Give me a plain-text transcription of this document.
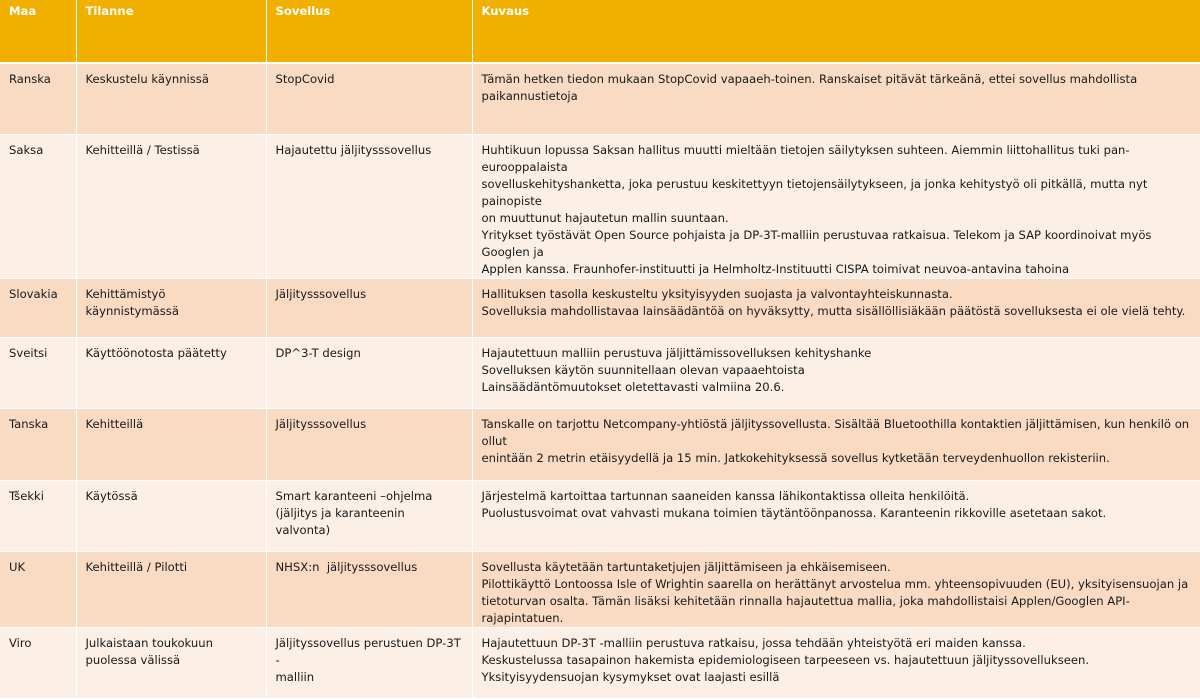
Maa	Tilanne	Sovellus	Kuvaus
Ranska	Keskustelu käynnissä	StopCovid	Tämän hetken tiedon mukaan StopCovid vapaaeh-toinen. Ranskaiset pitävät tärkeänä, ettei sovellus mahdollista
paikannustietoja

Saksa	Kehitteillä / Testissä	Hajautettu jäljitysssovellus	Huhtikuun lopussa Saksan hallitus muutti mieltään tietojen säilytyksen suhteen. Aiemmin liittohallitus tuki pan-eurooppalaista
sovelluskehityshanketta, joka perustuu keskitettyyn tietojensäilytykseen, ja jonka kehitystyö oli pitkällä, mutta nyt painopiste
on muuttunut hajautetun mallin suuntaan.
Yritykset työstävät Open Source pohjaista ja DP-3T-malliin perustuvaa ratkaisua. Telekom ja SAP koordinoivat myös Googlen ja
Applen kanssa. Fraunhofer-instituutti ja Helmholtz-Instituutti CISPA toimivat neuvoa-antavina tahoina

Slovakia	Kehittämistyö käynnistymässä	Jäljitysssovellus	Hallituksen tasolla keskusteltu yksityisyyden suojasta ja valvontayhteiskunnasta.
Sovelluksia mahdollistavaa lainsäädäntöä on hyväksytty, mutta sisällöllisiäkään päätöstä sovelluksesta ei ole vielä tehty.

Sveitsi	Käyttöönotosta päätetty	DP^3-T design	Hajautettuun malliin perustuva jäljittämissovelluksen kehityshanke
Sovelluksen käytön suunnitellaan olevan vapaaehtoista
Lainsäädäntömuutokset oletettavasti valmiina 20.6.

Tanska	Kehitteillä	Jäljitysssovellus	Tanskalle on tarjottu Netcompany-yhtiöstä jäljityssovellusta. Sisältää Bluetoothilla kontaktien jäljittämisen, kun henkilö on ollut
enintään 2 metrin etäisyydellä ja 15 min. Jatkokehityksessä sovellus kytketään terveydenhuollon rekisteriin.

Tšekki	Käytössä	Smart karanteeni –ohjelma
(jäljitys ja karanteenin valvonta)	Järjestelmä kartoittaa tartunnan saaneiden kanssa lähikontaktissa olleita henkilöitä.
Puolustusvoimat ovat vahvasti mukana toimien täytäntöönpanossa. Karanteenin rikkoville asetetaan sakot.

UK	Kehitteillä / Pilotti	NHSX:n  jäljitysssovellus	Sovellusta käytetään tartuntaketjujen jäljittämiseen ja ehkäisemiseen.
Pilottikäyttö Lontoossa Isle of Wrightin saarella on herättänyt arvostelua mm. yhteensopivuuden (EU), yksityisensuojan ja
tietoturvan osalta. Tämän lisäksi kehitetään rinnalla hajautettua mallia, joka mahdollistaisi Applen/Googlen API-rajapintatuen.

Viro	Julkaistaan toukokuun
puolessa välissä	Jäljityssovellus perustuen DP-3T -
malliin	Hajautettuun DP-3T -malliin perustuva ratkaisu, jossa tehdään yhteistyötä eri maiden kanssa.
Keskustelussa tasapainon hakemista epidemiologiseen tarpeeseen vs. hajautettuun jäljityssovellukseen.
Yksityisyydensuojan kysymykset ovat laajasti esillä
